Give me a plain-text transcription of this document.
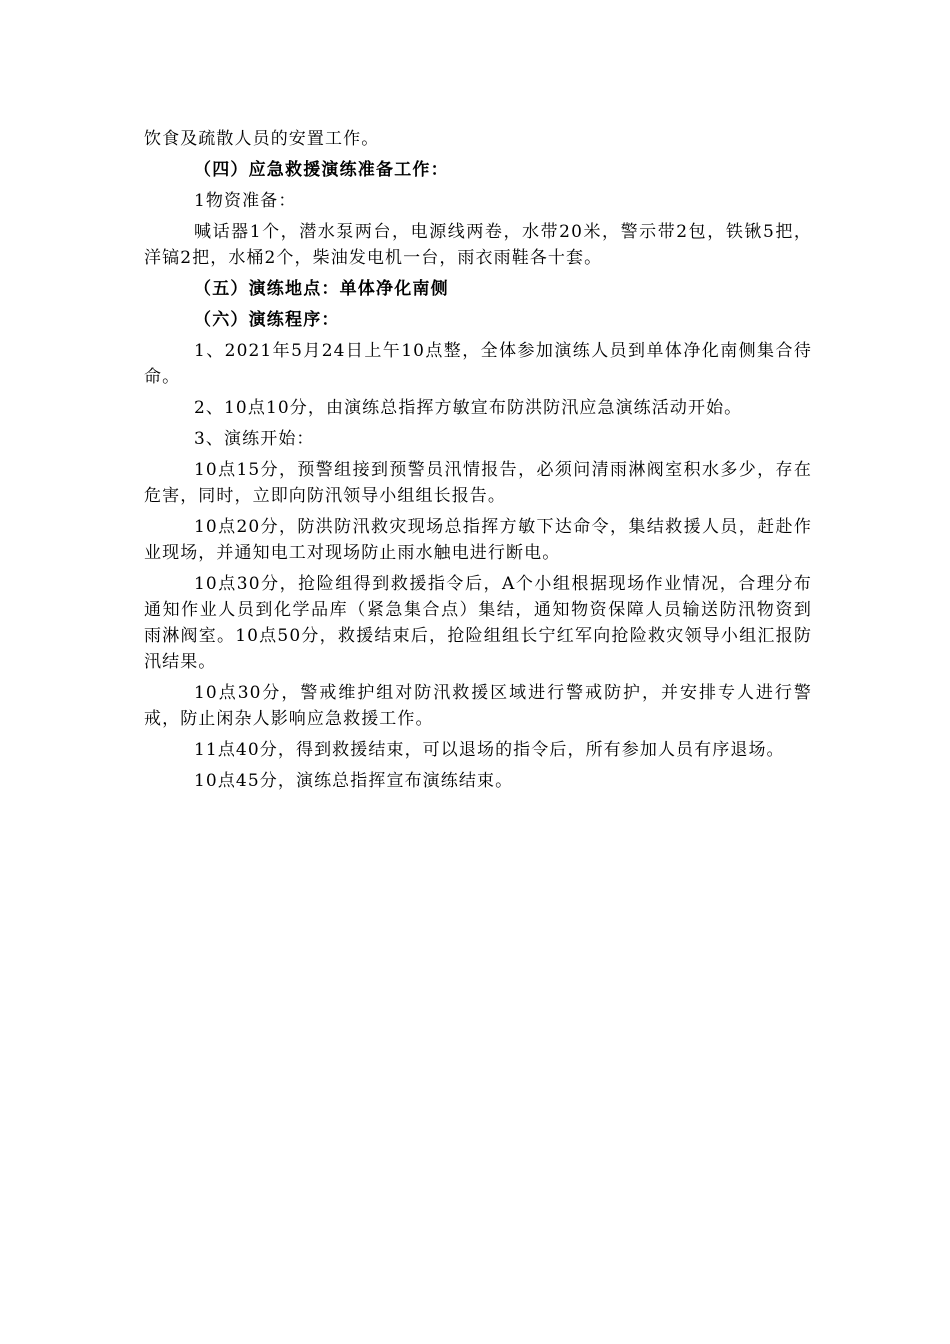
饮食及疏散人员的安置工作。

（四）应急救援演练准备工作：

1物资准备：

喊话器1个，潜水泵两台，电源线两卷，水带20米，警示带2包，铁锹5把，洋镐2把，水桶2个，柴油发电机一台，雨衣雨鞋各十套。

（五）演练地点：单体净化南侧

（六）演练程序：

1、2021年5月24日上午10点整，全体参加演练人员到单体净化南侧集合待命。

2、10点10分，由演练总指挥方敏宣布防洪防汛应急演练活动开始。

3、演练开始：

10点15分，预警组接到预警员汛情报告，必须问清雨淋阀室积水多少，存在危害，同时，立即向防汛领导小组组长报告。

10点20分，防洪防汛救灾现场总指挥方敏下达命令，集结救援人员，赶赴作业现场，并通知电工对现场防止雨水触电进行断电。

10点30分，抢险组得到救援指令后，A个小组根据现场作业情况，合理分布通知作业人员到化学品库（紧急集合点）集结，通知物资保障人员输送防汛物资到雨淋阀室。10点50分，救援结束后，抢险组组长宁红军向抢险救灾领导小组汇报防汛结果。

10点30分，警戒维护组对防汛救援区域进行警戒防护，并安排专人进行警戒，防止闲杂人影响应急救援工作。

11点40分，得到救援结束，可以退场的指令后，所有参加人员有序退场。

10点45分，演练总指挥宣布演练结束。
